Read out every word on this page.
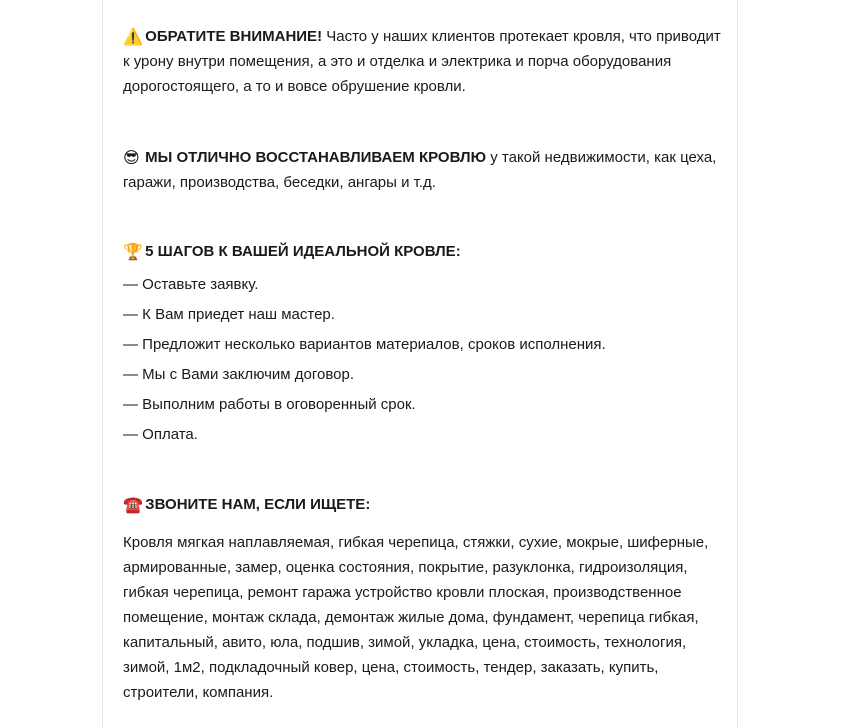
⚠️ ОБРАТИТЕ ВНИМАНИЕ! Часто у наших клиентов протекает кровля, что приводит к урону внутри помещения, а это и отделка и электрика и порча оборудования дорогостоящего, а то и вовсе обрушение кровли.

😎 МЫ ОТЛИЧНО ВОССТАНАВЛИВАЕМ КРОВЛЮ у такой недвижимости, как цеха, гаражи, производства, беседки, ангары и т.д.

🏆 5 ШАГОВ К ВАШЕЙ ИДЕАЛЬНОЙ КРОВЛЕ:

— Оставьте заявку.
— К Вам приедет наш мастер.
— Предложит несколько вариантов материалов, сроков исполнения.
— Мы с Вами заключим договор.
— Выполним работы в оговоренный срок.
— Оплата.

☎️ ЗВОНИТЕ НАМ, ЕСЛИ ИЩЕТЕ:

Кровля мягкая наплавляемая, гибкая черепица, стяжки, сухие, мокрые, шиферные, армированные, замер, оценка состояния, покрытие, разуклонка, гидроизоляция, гибкая черепица, ремонт гаража устройство кровли плоская, производственное помещение, монтаж склада, демонтаж жилые дома, фундамент, черепица гибкая, капитальный, авито, юла, подшив, зимой, укладка, цена, стоимость, технология, зимой, 1м2, подкладочный ковер, цена, стоимость, тендер, заказать, купить, строители, компания.
